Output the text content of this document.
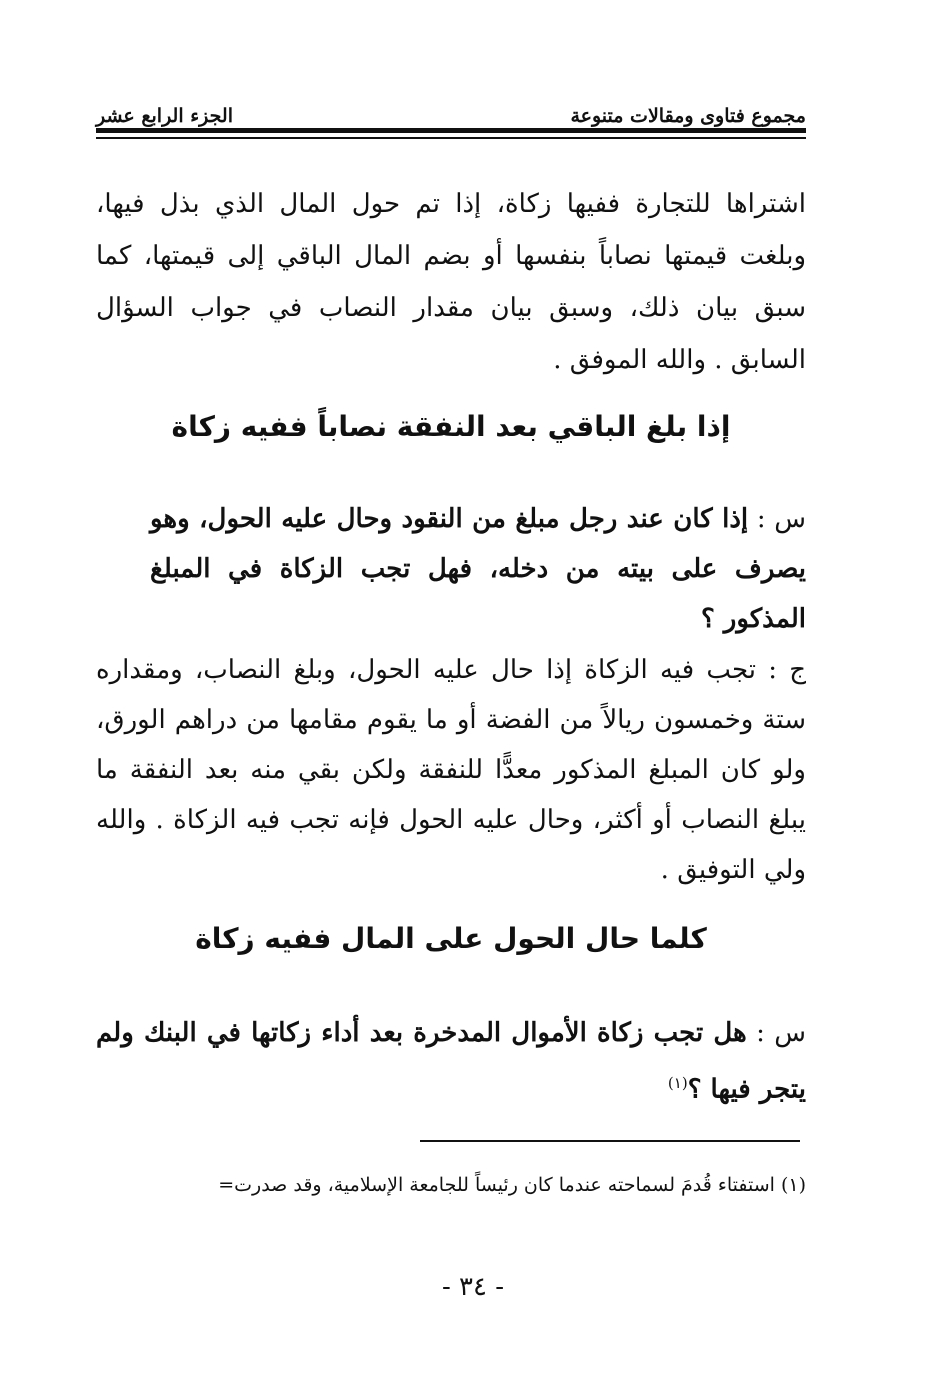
الجزء الرابع عشر	مجموع فتاوى ومقالات متنوعة

اشتراها للتجارة ففيها زكاة، إذا تم حول المال الذي بذل فيها، وبلغت قيمتها نصاباً بنفسها أو بضم المال الباقي إلى قيمتها، كما سبق بيان ذلك، وسبق بيان مقدار النصاب في جواب السؤال السابق . والله الموفق .

إذا بلغ الباقي بعد النفقة نصاباً ففيه زكاة
س : إذا كان عند رجل مبلغ من النقود وحال عليه الحول، وهو يصرف على بيته من دخله، فهل تجب الزكاة في المبلغ المذكور ؟
ج : تجب فيه الزكاة إذا حال عليه الحول، وبلغ النصاب، ومقداره ستة وخمسون ريالاً من الفضة أو ما يقوم مقامها من دراهم الورق، ولو كان المبلغ المذكور معدًّا للنفقة ولكن بقي منه بعد النفقة ما يبلغ النصاب أو أكثر، وحال عليه الحول فإنه تجب فيه الزكاة . والله ولي التوفيق .
كلما حال الحول على المال ففيه زكاة
س : هل تجب زكاة الأموال المدخرة بعد أداء زكاتها في البنك ولم يتجر فيها ؟$^{(١)}$
(١) استفتاء قُدمَ لسماحته عندما كان رئيساً للجامعة الإسلامية، وقد صدرت=
- ٣٤ -
